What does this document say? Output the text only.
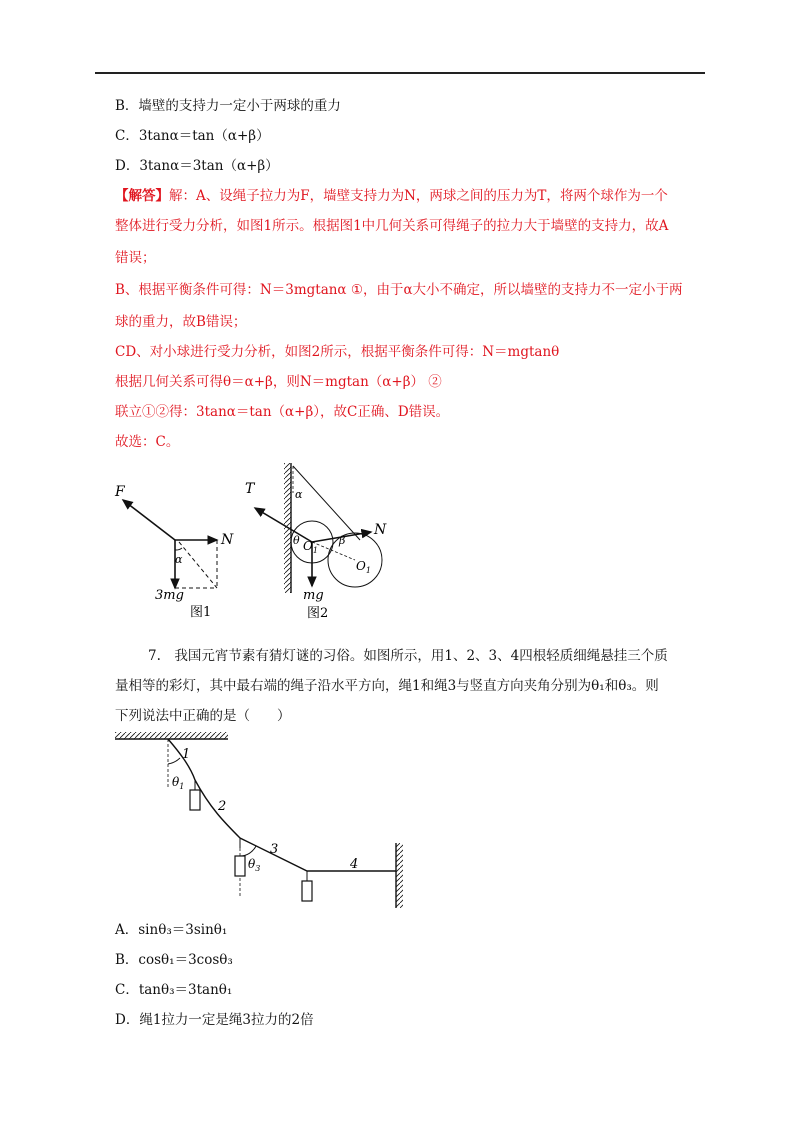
B．墙壁的支持力一定小于两球的重力
C．3tanα＝tan（α+β）
D．3tanα＝3tan（α+β）
【解答】解：A、设绳子拉力为F，墙壁支持力为N，两球之间的压力为T，将两个球作为一个
整体进行受力分析，如图1所示。根据图1中几何关系可得绳子的拉力大于墙壁的支持力，故A
错误；
B、根据平衡条件可得：N＝3mgtanα ①，由于α大小不确定，所以墙壁的支持力不一定小于两
球的重力，故B错误；
CD、对小球进行受力分析，如图2所示，根据平衡条件可得：N＝mgtanθ
根据几何关系可得θ＝α+β，则N＝mgtan（α+β） ②
联立①②得：3tanα＝tan（α+β），故C正确、D错误。
故选：C。
F
N
α
3mg
图1
T
N
α
θ	β
$O_1$
$O_1$
mg
图2
7.　我国元宵节素有猜灯谜的习俗。如图所示，用1、2、3、4四根轻质细绳悬挂三个质
量相等的彩灯，其中最右端的绳子沿水平方向，绳1和绳3与竖直方向夹角分别为θ₁和θ₃。则
下列说法中正确的是（　　）
1
2
3
4
$\theta_1$
$\theta_3$
A．sinθ₃＝3sinθ₁
B．cosθ₁＝3cosθ₃
C．tanθ₃＝3tanθ₁
D．绳1拉力一定是绳3拉力的2倍
